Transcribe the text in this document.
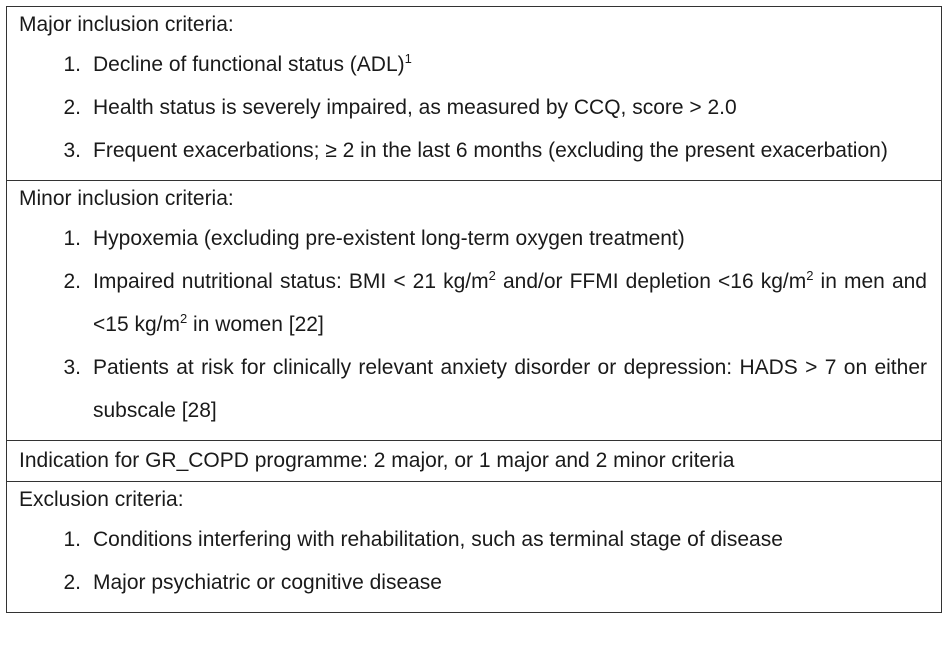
Major inclusion criteria:
1. Decline of functional status (ADL)$^1$
2. Health status is severely impaired, as measured by CCQ, score > 2.0
3. Frequent exacerbations; ≥ 2 in the last 6 months (excluding the present exacerbation)
Minor inclusion criteria:
1. Hypoxemia (excluding pre-existent long-term oxygen treatment)
2. Impaired nutritional status: BMI < 21 $kg/m^2$ and/or FFMI depletion <16 $kg/m^2$ in men and <15 $kg/m^2$ in women [22]
3. Patients at risk for clinically relevant anxiety disorder or depression: HADS > 7 on either subscale [28]
Indication for GR_COPD programme: 2 major, or 1 major and 2 minor criteria
Exclusion criteria:
1. Conditions interfering with rehabilitation, such as terminal stage of disease
2. Major psychiatric or cognitive disease
